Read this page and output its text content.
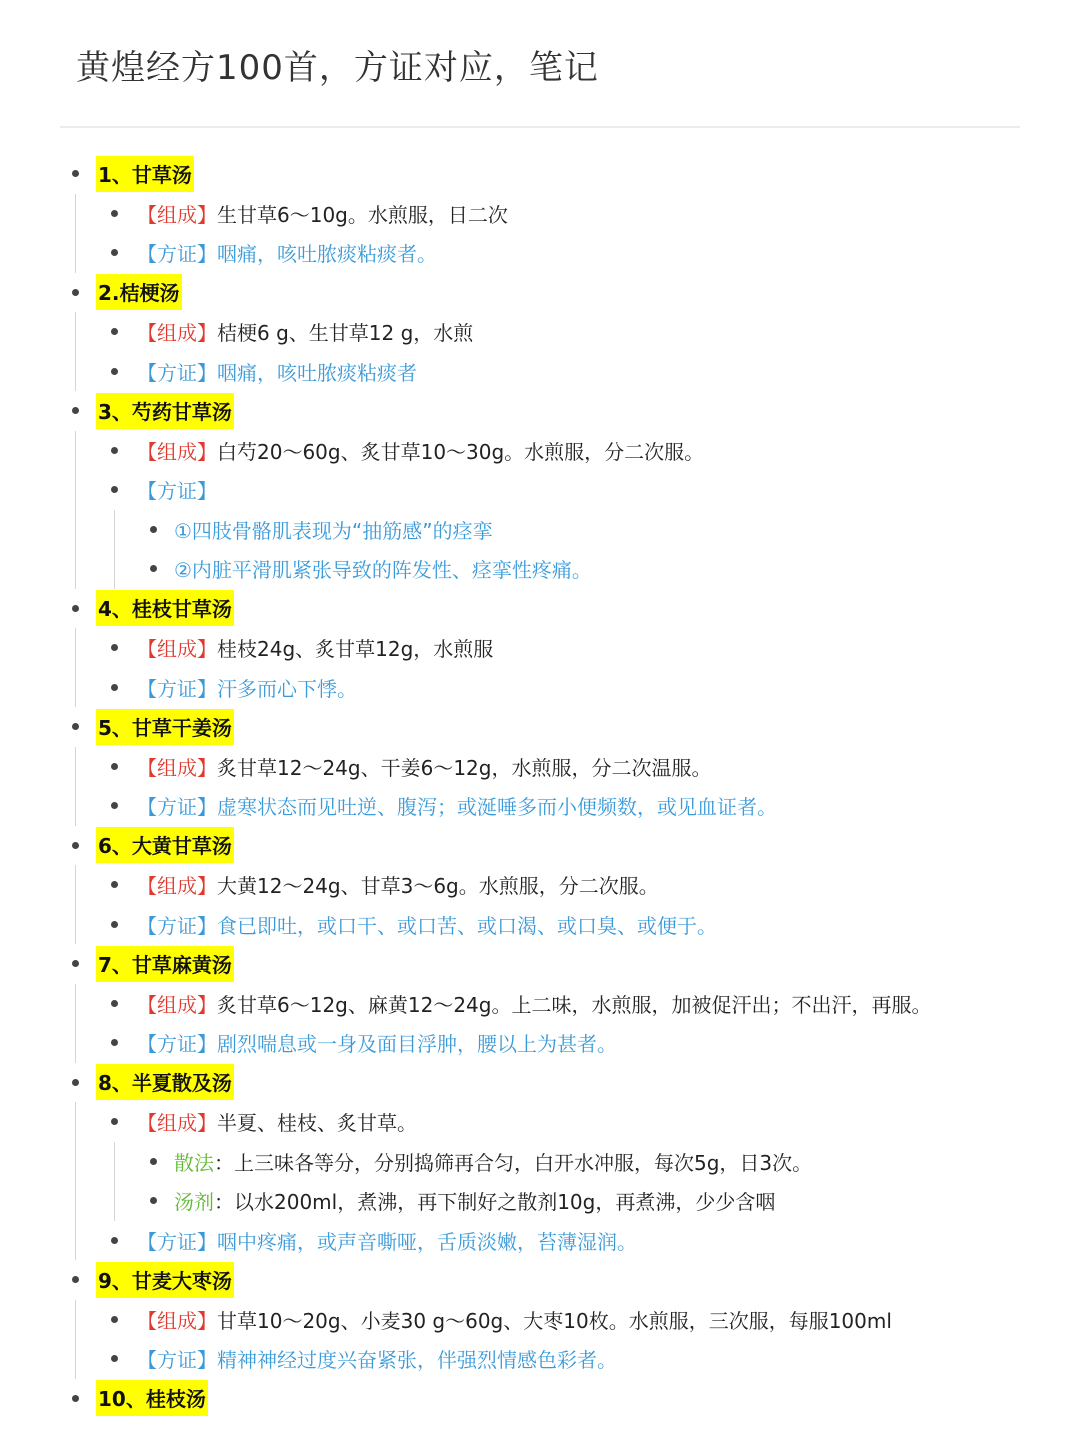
黄煌经方100首，方证对应，笔记
1、甘草汤
【组成】生甘草6～10g。水煎服，日二次
【方证】咽痛，咳吐脓痰粘痰者。
2.桔梗汤
【组成】桔梗6 g、生甘草12 g，水煎
【方证】咽痛，咳吐脓痰粘痰者
3、芍药甘草汤
【组成】白芍20～60g、炙甘草10～30g。水煎服，分二次服。
【方证】
①四肢骨骼肌表现为“抽筋感”的痉挛
②内脏平滑肌紧张导致的阵发性、痉挛性疼痛。
4、桂枝甘草汤
【组成】桂枝24g、炙甘草12g，水煎服
【方证】汗多而心下悸。
5、甘草干姜汤
【组成】炙甘草12～24g、干姜6～12g，水煎服，分二次温服。
【方证】虚寒状态而见吐逆、腹泻；或涎唾多而小便频数，或见血证者。
6、大黄甘草汤
【组成】大黄12～24g、甘草3～6g。水煎服，分二次服。
【方证】食已即吐，或口干、或口苦、或口渴、或口臭、或便于。
7、甘草麻黄汤
【组成】炙甘草6～12g、麻黄12～24g。上二味，水煎服，加被促汗出；不出汗，再服。
【方证】剧烈喘息或一身及面目浮肿，腰以上为甚者。
8、半夏散及汤
【组成】半夏、桂枝、炙甘草。
散法：上三味各等分，分别捣筛再合匀，白开水冲服，每次5g，日3次。
汤剂：以水200ml，煮沸，再下制好之散剂10g，再煮沸，少少含咽
【方证】咽中疼痛，或声音嘶哑，舌质淡嫩，苔薄湿润。
9、甘麦大枣汤
【组成】甘草10～20g、小麦30 g～60g、大枣10枚。水煎服，三次服，每服100ml
【方证】精神神经过度兴奋紧张，伴强烈情感色彩者。
10、桂枝汤
